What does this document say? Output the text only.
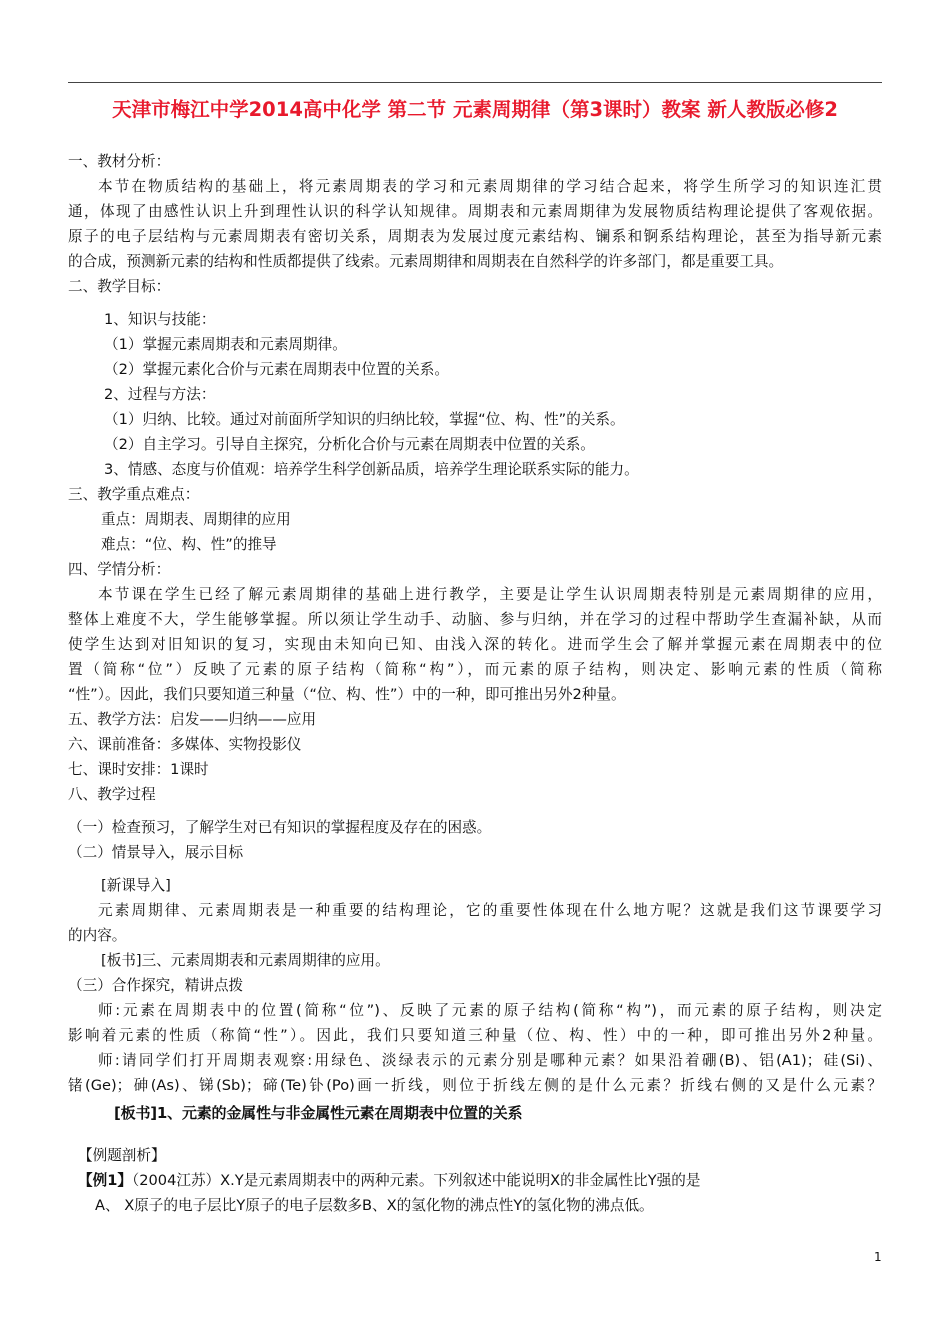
天津市梅江中学2014高中化学 第二节 元素周期律（第3课时）教案 新人教版必修2
一、教材分析：
本节在物质结构的基础上，将元素周期表的学习和元素周期律的学习结合起来，将学生所学习的知识连汇贯
通，体现了由感性认识上升到理性认识的科学认知规律。周期表和元素周期律为发展物质结构理论提供了客观依据。
原子的电子层结构与元素周期表有密切关系，周期表为发展过度元素结构、镧系和锕系结构理论，甚至为指导新元素
的合成，预测新元素的结构和性质都提供了线索。元素周期律和周期表在自然科学的许多部门，都是重要工具。
二、教学目标：
1、知识与技能：
（1）掌握元素周期表和元素周期律。
（2）掌握元素化合价与元素在周期表中位置的关系。
2、过程与方法：
（1）归纳、比较。通过对前面所学知识的归纳比较，掌握“位、构、性”的关系。
（2）自主学习。引导自主探究，分析化合价与元素在周期表中位置的关系。
3、情感、态度与价值观：培养学生科学创新品质，培养学生理论联系实际的能力。
三、教学重点难点：
重点：周期表、周期律的应用
难点：“位、构、性”的推导
四、学情分析：
本节课在学生已经了解元素周期律的基础上进行教学，主要是让学生认识周期表特别是元素周期律的应用，
整体上难度不大，学生能够掌握。所以须让学生动手、动脑、参与归纳，并在学习的过程中帮助学生查漏补缺，从而
使学生达到对旧知识的复习，实现由未知向已知、由浅入深的转化。进而学生会了解并掌握元素在周期表中的位
置（简称“位”）反映了元素的原子结构（简称“构”），而元素的原子结构，则决定、影响元素的性质（简称
“性”）。因此，我们只要知道三种量（“位、构、性”）中的一种，即可推出另外2种量。
五、教学方法：启发——归纳——应用
六、课前准备：多媒体、实物投影仪
七、课时安排：1课时
八、教学过程
（一）检查预习，了解学生对已有知识的掌握程度及存在的困惑。
（二）情景导入，展示目标
[新课导入]
元素周期律、元素周期表是一种重要的结构理论，它的重要性体现在什么地方呢？这就是我们这节课要学习
的内容。
[板书]三、元素周期表和元素周期律的应用。
（三）合作探究，精讲点拨
师:元素在周期表中的位置(简称“位”)、反映了元素的原子结构(简称“构”)，而元素的原子结构，则决定
影响着元素的性质（称简“性”）。因此，我们只要知道三种量（位、构、性）中的一种，即可推出另外2种量。
师:请同学们打开周期表观察:用绿色、淡绿表示的元素分别是哪种元素？如果沿着硼(B)、铝(A1)；硅(Si)、
锗(Ge)；砷(As)、锑(Sb)；碲(Te)钋(Po)画一折线，则位于折线左侧的是什么元素？折线右侧的又是什么元素？
[板书]1、元素的金属性与非金属性元素在周期表中位置的关系
【例题剖析】
【例1】（2004江苏）X.Y是元素周期表中的两种元素。下列叙述中能说明X的非金属性比Y强的是
A、 X原子的电子层比Y原子的电子层数多B、X的氢化物的沸点性Y的氢化物的沸点低。
1
